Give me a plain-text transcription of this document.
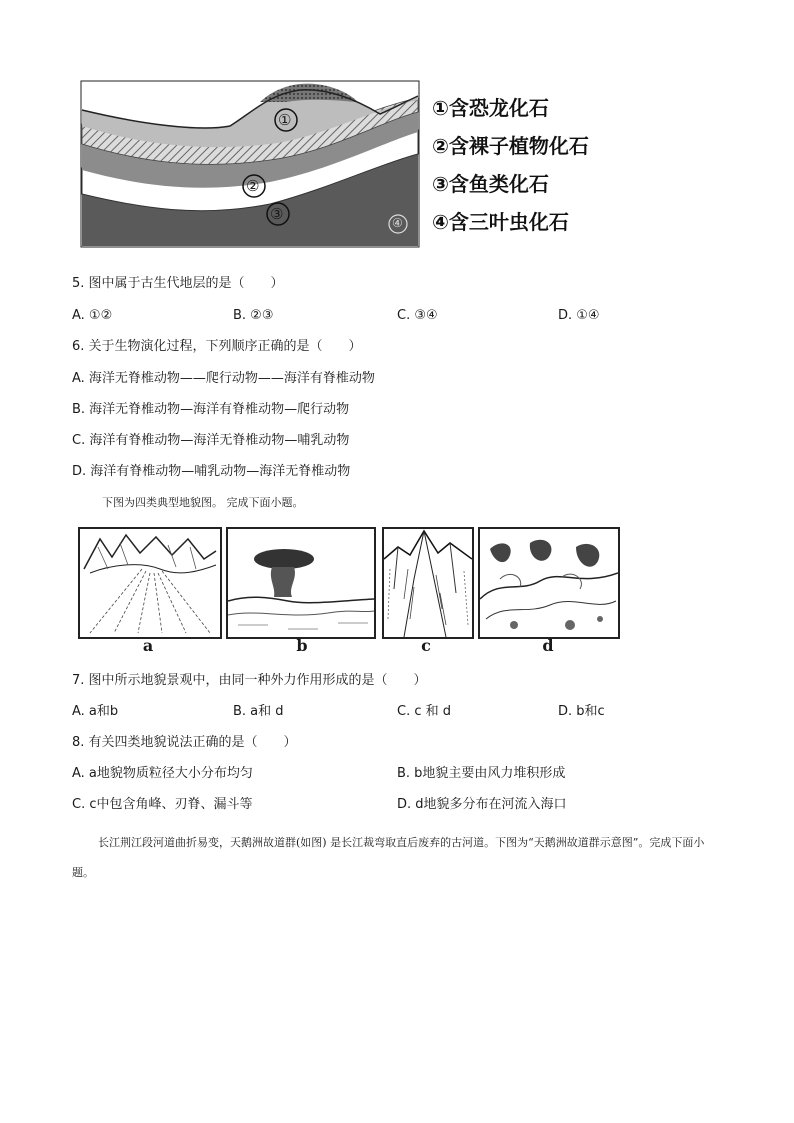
①
②
③	④
①含恐龙化石
②含裸子植物化石
③含鱼类化石
④含三叶虫化石
5. 图中属于古生代地层的是（　　）
A. ①②	B. ②③	C. ③④	D. ①④
6. 关于生物演化过程，下列顺序正确的是（　　）
A. 海洋无脊椎动物——爬行动物——海洋有脊椎动物
B. 海洋无脊椎动物—海洋有脊椎动物—爬行动物
C. 海洋有脊椎动物—海洋无脊椎动物—哺乳动物
D. 海洋有脊椎动物—哺乳动物—海洋无脊椎动物
下图为四类典型地貌图。 完成下面小题。
a	b	c	d
7. 图中所示地貌景观中，由同一种外力作用形成的是（　　）
A. a和b	B. a和 d	C. c 和 d	D. b和c
8. 有关四类地貌说法正确的是（　　）
A. a地貌物质粒径大小分布均匀	B. b地貌主要由风力堆积形成
C. c中包含角峰、刃脊、漏斗等	D. d地貌多分布在河流入海口
长江荆江段河道曲折易变，天鹅洲故道群(如图) 是长江裁弯取直后废弃的古河道。下图为“天鹅洲故道群示意图”。完成下面小题。
